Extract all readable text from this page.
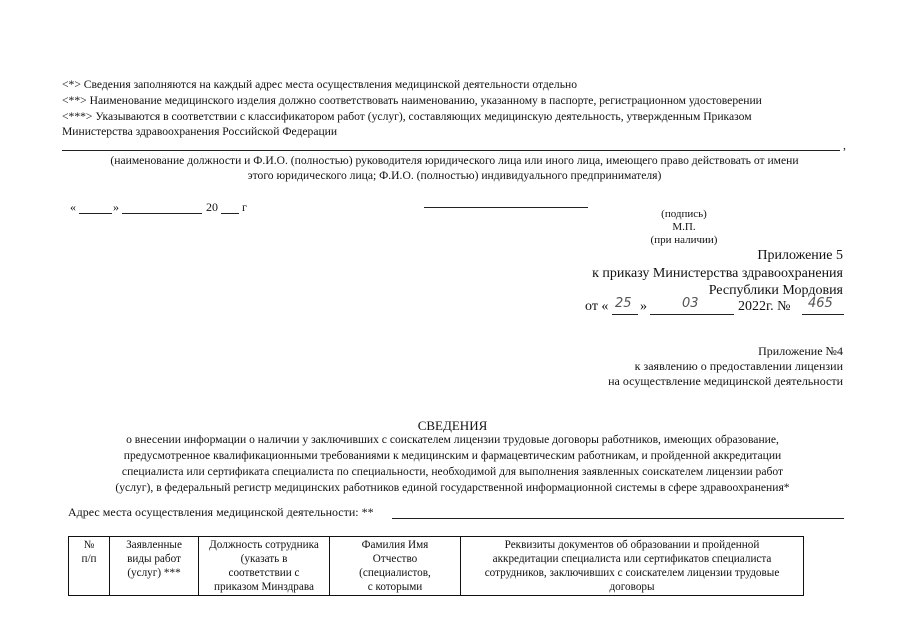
<*> Сведения заполняются на каждый адрес места осуществления медицинской деятельности отдельно
<**> Наименование медицинского изделия должно соответствовать наименованию, указанному в паспорте, регистрационном удостоверении
<***> Указываются в соответствии с классификатором работ (услуг), составляющих медицинскую деятельность, утвержденным Приказом
Министерства здравоохранения Российской Федерации
,
(наименование должности и Ф.И.О. (полностью) руководителя юридического лица или иного лица, имеющего право действовать от имени
этого юридического лица; Ф.И.О. (полностью) индивидуального предпринимателя)
«	»	20 г	(подпись)
М.П.
(при наличии)
Приложение 5
к приказу Министерства здравоохранения
Республики Мордовия
от « 25 »	03	2022г. № 465
Приложение №4
к заявлению о предоставлении лицензии
на осуществление медицинской деятельности
СВЕДЕНИЯ
о внесении информации о наличии у заключивших с соискателем лицензии трудовые договоры работников, имеющих образование,
предусмотренное квалификационными требованиями к медицинским и фармацевтическим работникам, и пройденной аккредитации
специалиста или сертификата специалиста по специальности, необходимой для выполнения заявленных соискателем лицензии работ
(услуг), в федеральный регистр медицинских работников единой государственной информационной системы в сфере здравоохранения*
Адрес места осуществления медицинской деятельности: **
№
п/п

Заявленные
виды работ
(услуг) ***

Должность сотрудника
(указать в
соответствии с
приказом Минздрава

Фамилия Имя
Отчество
(специалистов,
с которыми

Реквизиты документов об образовании и пройденной
аккредитации специалиста или сертификатов специалиста
сотрудников, заключивших с соискателем лицензии трудовые
договоры
